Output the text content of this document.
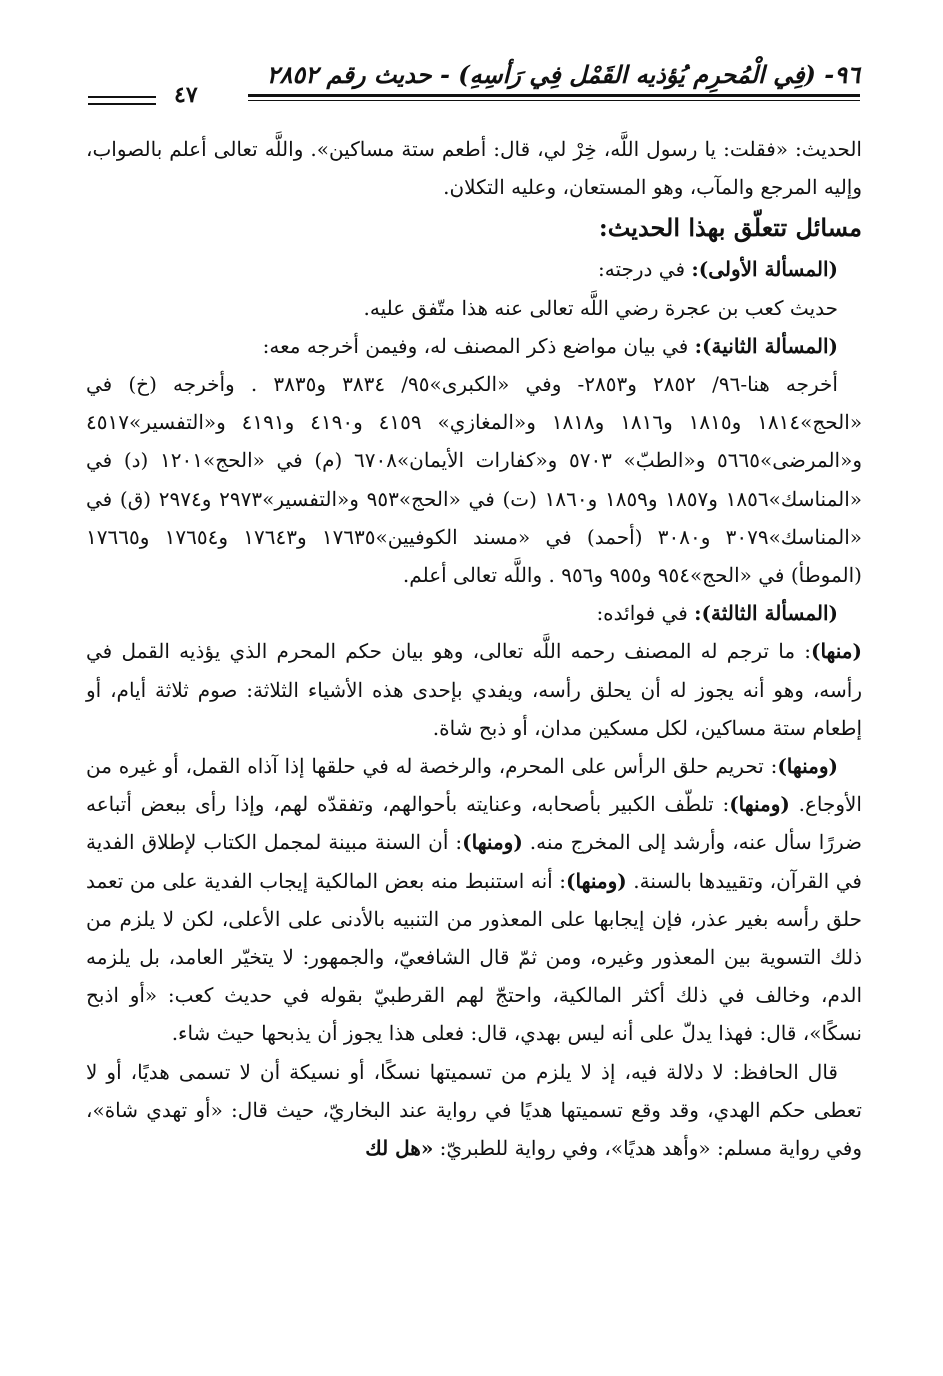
٩٦- (فِي الْمُحرِم يُؤذيه القَمْل فِي رَأسِهِ) - حديث رقم ٢٨٥٢
٤٧

الحديث: «فقلت: يا رسول اللَّه، خِرْ لي، قال: أطعم ستة مساكين». واللَّه تعالى أعلم بالصواب، وإليه المرجع والمآب، وهو المستعان، وعليه التكلان.

مسائل تتعلّق بهذا الحديث:

(المسألة الأولى): في درجته:

حديث كعب بن عجرة رضي اللَّه تعالى عنه هذا متّفق عليه.

(المسألة الثانية): في بيان مواضع ذكر المصنف له، وفيمن أخرجه معه:

أخرجه هنا-٩٦/ ٢٨٥٢ و٢٨٥٣- وفي «الكبرى»٩٥/ ٣٨٣٤ و٣٨٣٥ . وأخرجه (خ) في «الحج»١٨١٤ و١٨١٥ و١٨١٦ و١٨١٨ و«المغازي» ٤١٥٩ و٤١٩٠ و٤١٩١ و«التفسير»٤٥١٧ و«المرضى»٥٦٦٥ و«الطبّ» ٥٧٠٣ و«كفارات الأيمان»٦٧٠٨ (م) في «الحج»١٢٠١ (د) في «المناسك»١٨٥٦ و١٨٥٧ و١٨٥٩ و١٨٦٠ (ت) في «الحج»٩٥٣ و«التفسير»٢٩٧٣ و٢٩٧٤ (ق) في «المناسك»٣٠٧٩ و٣٠٨٠ (أحمد) في «مسند الكوفيين»١٧٦٣٥ و١٧٦٤٣ و١٧٦٥٤ و١٧٦٦٥ (الموطأ) في «الحج»٩٥٤ و٩٥٥ و٩٥٦ . واللَّه تعالى أعلم.

(المسألة الثالثة): في فوائده:

(منها): ما ترجم له المصنف رحمه اللَّه تعالى، وهو بيان حكم المحرم الذي يؤذيه القمل في رأسه، وهو أنه يجوز له أن يحلق رأسه، ويفدي بإحدى هذه الأشياء الثلاثة: صوم ثلاثة أيام، أو إطعام ستة مساكين، لكل مسكين مدان، أو ذبح شاة.

(ومنها): تحريم حلق الرأس على المحرم، والرخصة له في حلقها إذا آذاه القمل، أو غيره من الأوجاع. (ومنها): تلطّف الكبير بأصحابه، وعنايته بأحوالهم، وتفقدّه لهم، وإذا رأى ببعض أتباعه ضررًا سأل عنه، وأرشد إلى المخرج منه. (ومنها): أن السنة مبينة لمجمل الكتاب لإطلاق الفدية في القرآن، وتقييدها بالسنة. (ومنها): أنه استنبط منه بعض المالكية إيجاب الفدية على من تعمد حلق رأسه بغير عذر، فإن إيجابها على المعذور من التنبيه بالأدنى على الأعلى، لكن لا يلزم من ذلك التسوية بين المعذور وغيره، ومن ثمّ قال الشافعيّ، والجمهور: لا يتخيّر العامد، بل يلزمه الدم، وخالف في ذلك أكثر المالكية، واحتجّ لهم القرطبيّ بقوله في حديث كعب: «أو اذبح نسكًا»، قال: فهذا يدلّ على أنه ليس بهدي، قال: فعلى هذا يجوز أن يذبحها حيث شاء.

قال الحافظ: لا دلالة فيه، إذ لا يلزم من تسميتها نسكًا، أو نسيكة أن لا تسمى هديًا، أو لا تعطى حكم الهدي، وقد وقع تسميتها هديًا في رواية عند البخاريّ، حيث قال: «أو تهدي شاة»، وفي رواية مسلم: «وأهد هديًا»، وفي رواية للطبريّ: «هل لك
